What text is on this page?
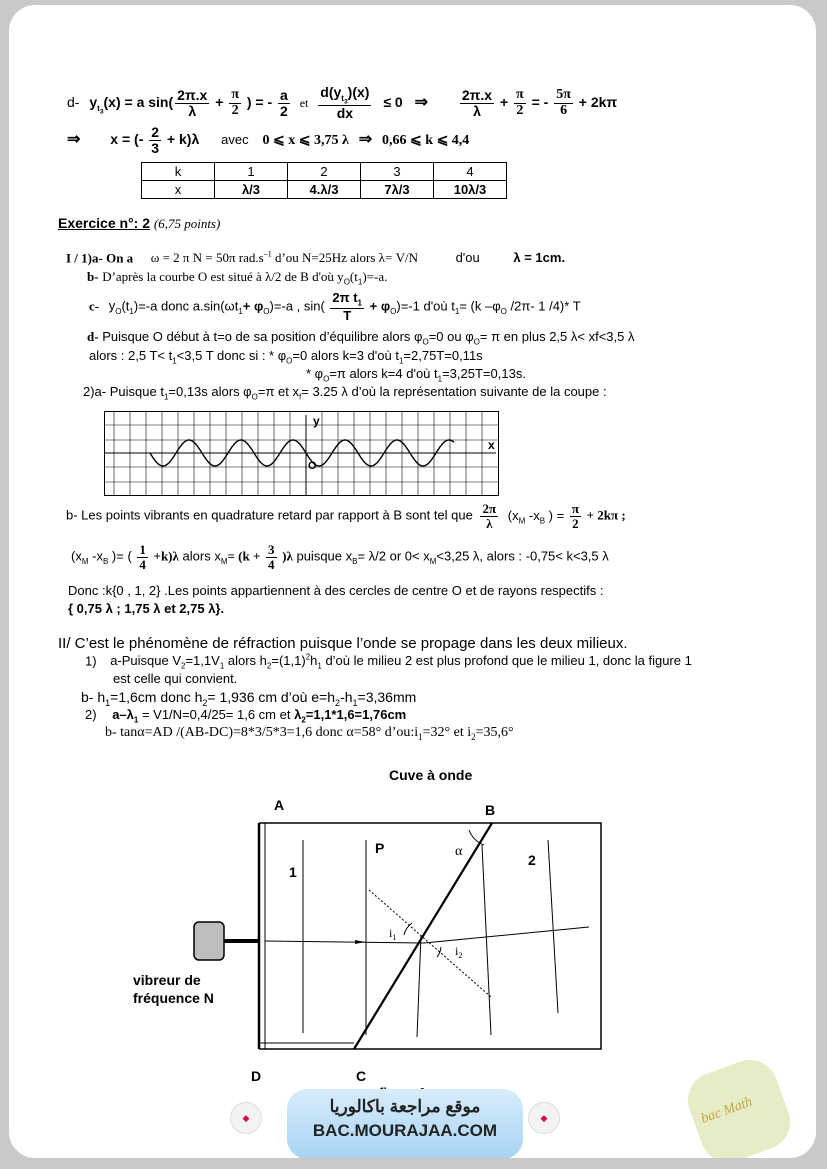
d- $y_{t_3}(x) = a$ $\sin( \frac{2\pi.x}{\lambda} + \frac{\pi}{2}$ ) = - $\frac{a}{2}$ et $\frac{d(y_{t_3})(x)}{dx} \le 0$ ⇒ $\frac{2\pi.x}{\lambda} + \frac{\pi}{2}$ = - $\frac{5\pi}{6} + 2k\pi$
⇒ x = (- $\frac{2}{3} + k)\lambda$ avec 0 ⩽ x ⩽ 3,75 λ ⇒ 0,66 ⩽ k ⩽ 4,4
k	1	2	3	4
x	λ/3	4.λ/3	7λ/3	10λ/3
Exercice n°: 2 (6,75 points)
I / 1)a- On a ω = 2 π N = 50π $rad.s^{-1}$ d’ou N=25Hz alors λ= V/N	d'ou	λ = 1cm.
b- D’après la courbe O est situé à λ/2 de B d'où $y_O(t_1)=-a$.
c- $y_O(t_1)=-a$ donc $a.\sin(\omega t_1+ \varphi_O)=-a$ , $\sin( \frac{2\pi t_1}{T} + \varphi_O)=-1$ d'où $t_1= (k$ $-\varphi_O$ /2π- 1 /4)* T
d- Puisque O début à t=o de sa position d’équilibre alors $\varphi_O=0$ ou $\varphi_O= \pi$ en plus 2,5 λ< xf<3,5 λ
alors : 2,5 $T< t_1<3,5$ T donc si : * $\varphi_O=0$ alors k=3 d'où $t_1=2,75T=0,11s$
* $\varphi_O=\pi$ alors k=4 d'où $t_1=3,25T=0,13s$.
2)a- Puisque $t_1=0,13s$ alors $\varphi_O=\pi$ et $x_f= 3.25$ λ d’où la représentation suivante de la coupe :
y
x
O
b- Les points vibrants en quadrature retard par rapport à B sont tel que $\frac{2\pi}{\lambda} (x_M$ $-x_B$ ) = $\frac{\pi}{2} + 2k\pi$ ;
($x_M$ $-x_B$ )= ( $\frac{1}{4} +k)\lambda$ alors $x_M= (k + \frac{3}{4} )\lambda$ puisque $x_B= \lambda/2$ or $0< x_M<3,25$ λ, alors : -0,75< k<3,5 λ
Donc :k{0 , 1, 2} .Les points appartiennent à des cercles de centre O et de rayons respectifs :
{ 0,75 λ ; 1,75 λ et 2,75 λ}.
II/ C’est le phénomène de réfraction puisque l’onde se propage dans les deux milieux.
1) a-Puisque $V_2=1,1V_1$ alors $h_2=(1,1)^2h_1$ d’où le milieu 2 est plus profond que le milieu 1, donc la figure 1
est celle qui convient.
b- $h_1=1,6cm$ donc $h_2= 1,936$ cm d’où $e=h_2-h_1=3,36mm$
2) $a-\lambda_1 = V1/N=0,4/25= 1,6$ cm et $\lambda_2=1,1*1,6=1,76cm$
b- tanα=AD /(AB-DC)=8*3/5*3=1,6 donc α=58° $d’ou:i_1=32^\circ$ et $i_2=35,6^\circ$
Cuve à onde
A	B
C
D
P	α
1
2
$i_1$
$i_2$
vibreur de
fréquence N
◆
موقع مراجعة باكالوريا
BAC.MOURAJAA.COM
◆	bac Math
